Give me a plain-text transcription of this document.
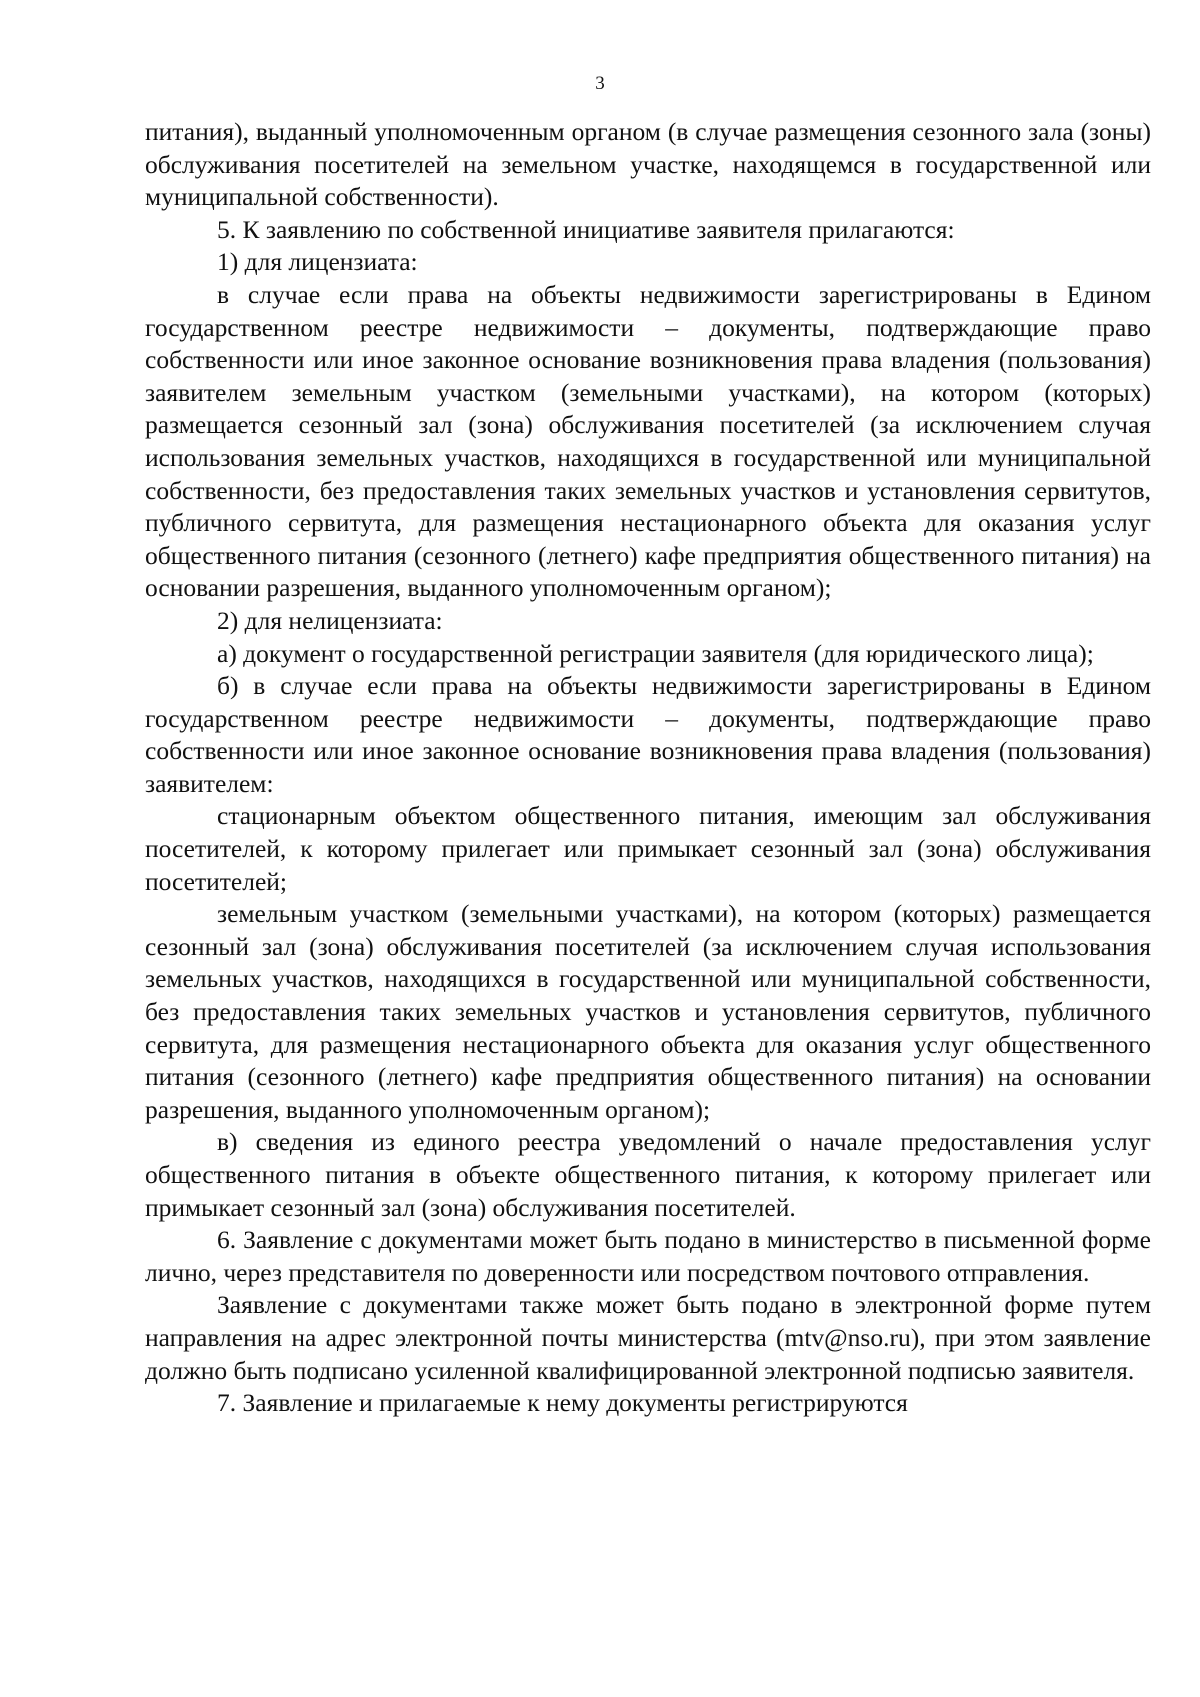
3

питания), выданный уполномоченным органом (в случае размещения сезонного зала (зоны) обслуживания посетителей на земельном участке, находящемся в государственной или муниципальной собственности).

5. К заявлению по собственной инициативе заявителя прилагаются:

1) для лицензиата:

в случае если права на объекты недвижимости зарегистрированы в Едином государственном реестре недвижимости – документы, подтверждающие право собственности или иное законное основание возникновения права владения (пользования) заявителем земельным участком (земельными участками), на котором (которых) размещается сезонный зал (зона) обслуживания посетителей (за исключением случая использования земельных участков, находящихся в государственной или муниципальной собственности, без предоставления таких земельных участков и установления сервитутов, публичного сервитута, для размещения нестационарного объекта для оказания услуг общественного питания (сезонного (летнего) кафе предприятия общественного питания) на основании разрешения, выданного уполномоченным органом);

2) для нелицензиата:

а) документ о государственной регистрации заявителя (для юридического лица);

б) в случае если права на объекты недвижимости зарегистрированы в Едином государственном реестре недвижимости – документы, подтверждающие право собственности или иное законное основание возникновения права владения (пользования) заявителем:

стационарным объектом общественного питания, имеющим зал обслуживания посетителей, к которому прилегает или примыкает сезонный зал (зона) обслуживания посетителей;

земельным участком (земельными участками), на котором (которых) размещается сезонный зал (зона) обслуживания посетителей (за исключением случая использования земельных участков, находящихся в государственной или муниципальной собственности, без предоставления таких земельных участков и установления сервитутов, публичного сервитута, для размещения нестационарного объекта для оказания услуг общественного питания (сезонного (летнего) кафе предприятия общественного питания) на основании разрешения, выданного уполномоченным органом);

в) сведения из единого реестра уведомлений о начале предоставления услуг общественного питания в объекте общественного питания, к которому прилегает или примыкает сезонный зал (зона) обслуживания посетителей.

6. Заявление с документами может быть подано в министерство в письменной форме лично, через представителя по доверенности или посредством почтового отправления.

Заявление с документами также может быть подано в электронной форме путем направления на адрес электронной почты министерства (mtv@nso.ru), при этом заявление должно быть подписано усиленной квалифицированной электронной подписью заявителя.

7. Заявление и прилагаемые к нему документы регистрируются
